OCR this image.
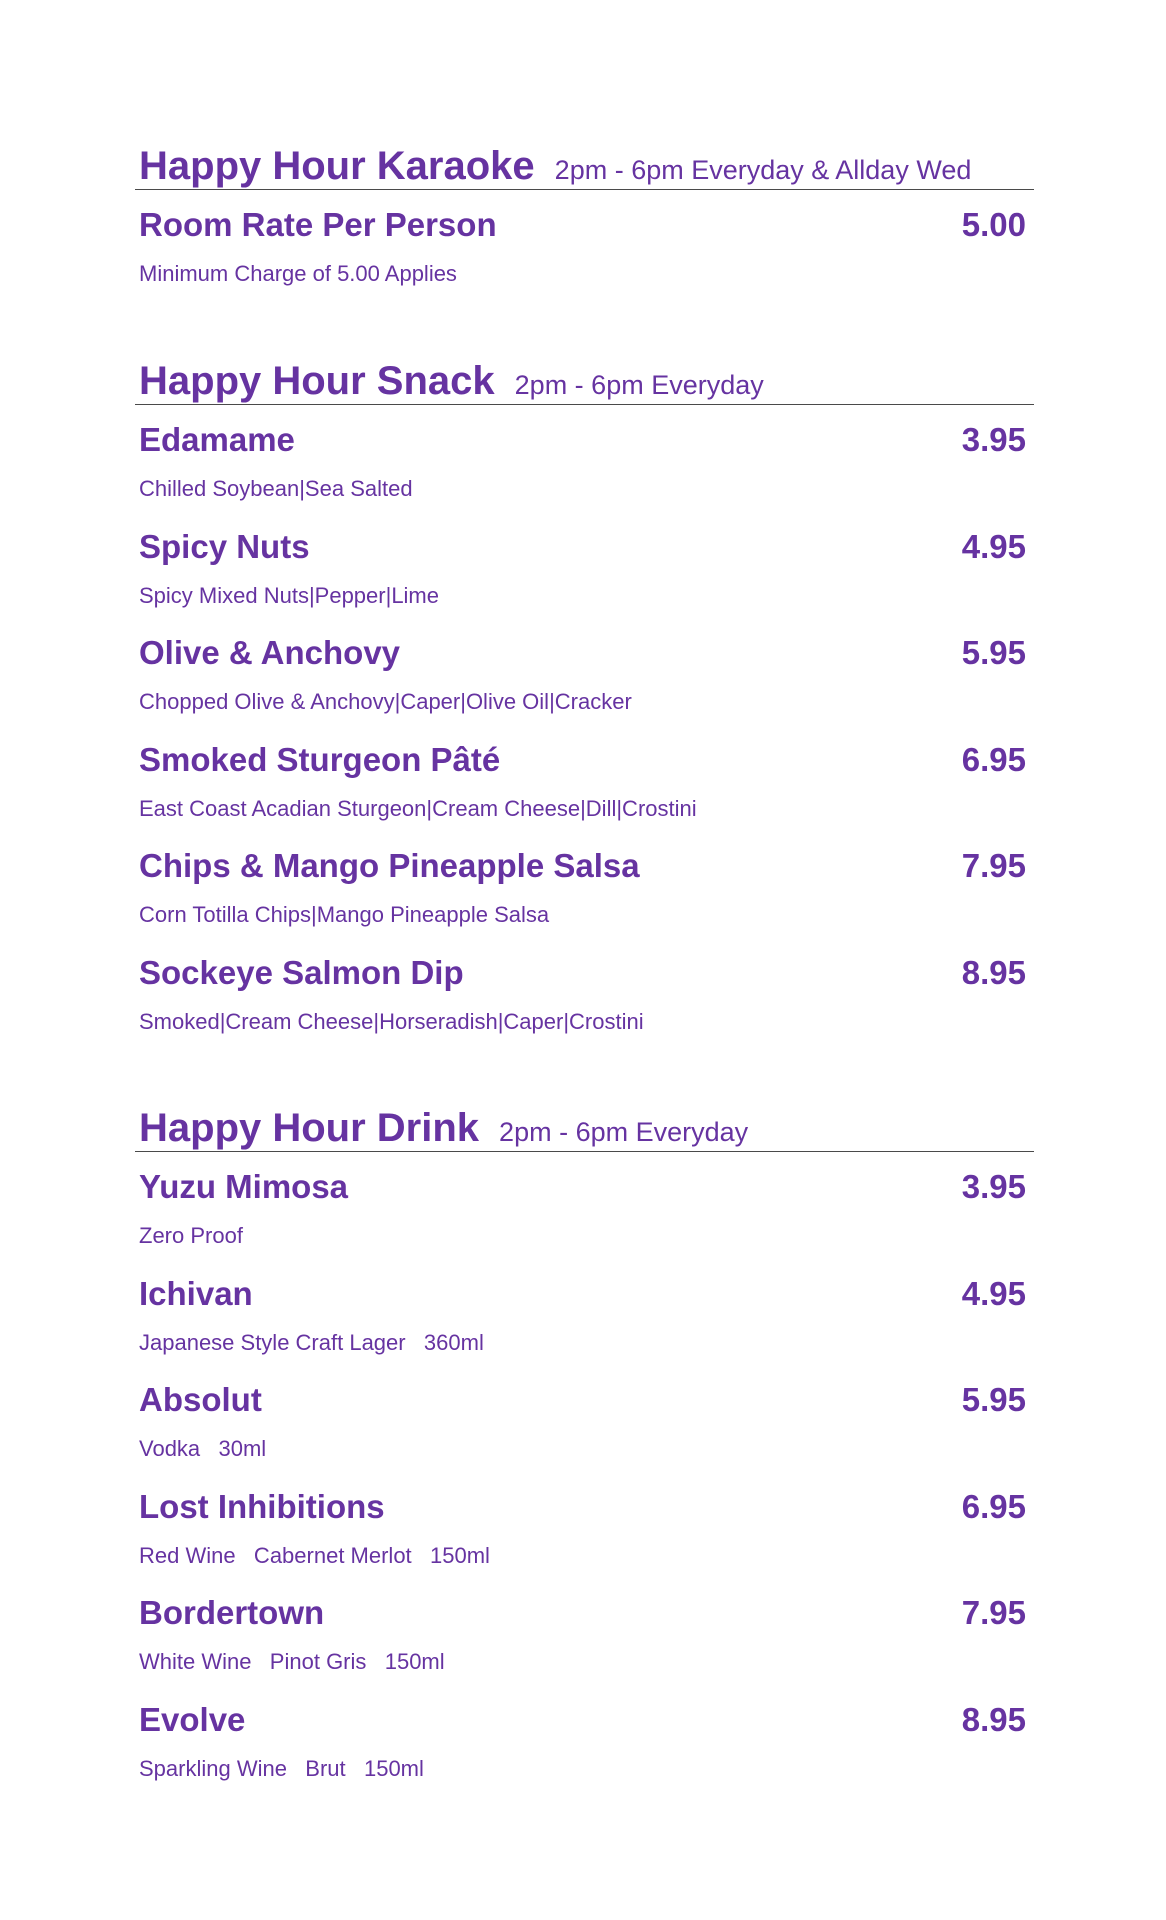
Happy Hour Karaoke 2pm - 6pm Everyday & Allday Wed
Room Rate Per Person	5.00
Minimum Charge of 5.00 Applies
Happy Hour Snack 2pm - 6pm Everyday
Edamame	3.95
Chilled Soybean|Sea Salted
Spicy Nuts	4.95
Spicy Mixed Nuts|Pepper|Lime
Olive & Anchovy	5.95
Chopped Olive & Anchovy|Caper|Olive Oil|Cracker
Smoked Sturgeon Pâté	6.95
East Coast Acadian Sturgeon|Cream Cheese|Dill|Crostini
Chips & Mango Pineapple Salsa	7.95
Corn Totilla Chips|Mango Pineapple Salsa
Sockeye Salmon Dip	8.95
Smoked|Cream Cheese|Horseradish|Caper|Crostini
Happy Hour Drink 2pm - 6pm Everyday
Yuzu Mimosa	3.95
Zero Proof
Ichivan	4.95
Japanese Style Craft Lager   360ml
Absolut	5.95
Vodka   30ml
Lost Inhibitions	6.95
Red Wine   Cabernet Merlot   150ml
Bordertown	7.95
White Wine   Pinot Gris   150ml
Evolve	8.95
Sparkling Wine   Brut   150ml
